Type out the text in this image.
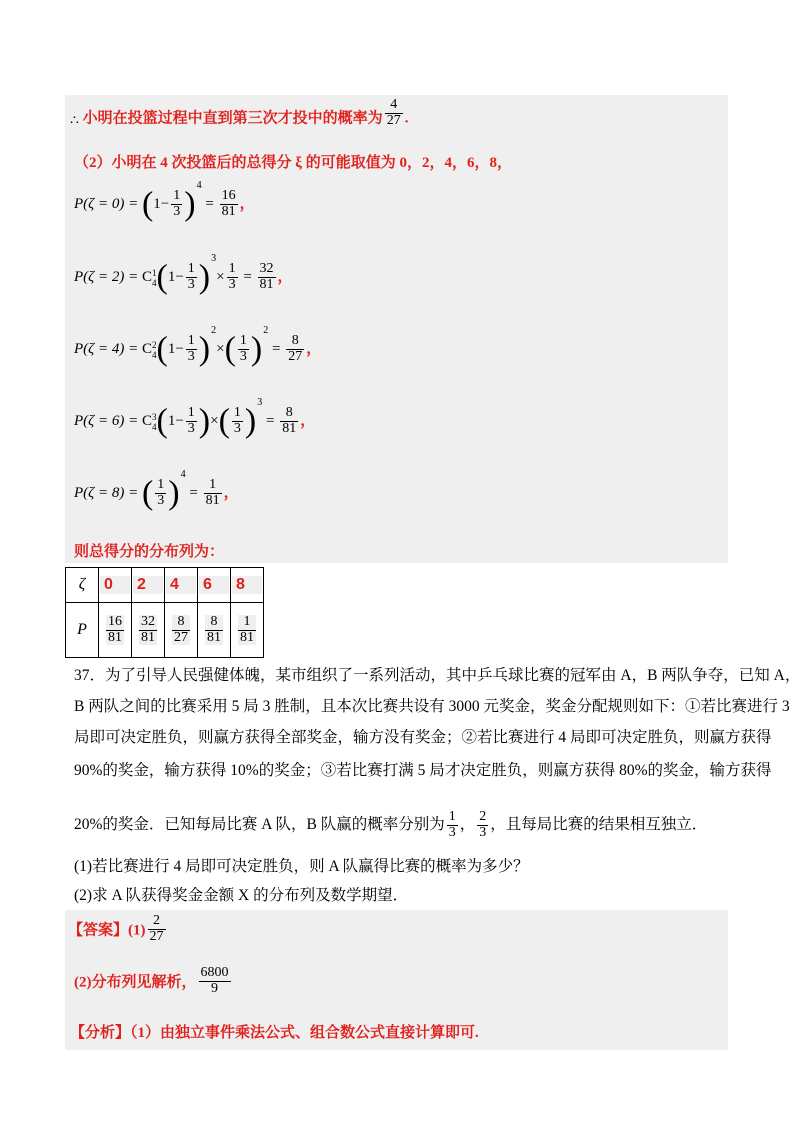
∴ 小明在投篮过程中直到第三次才投中的概率为 $\frac{4}{27}$ .
（2）小明在 4 次投篮后的总得分 ξ 的可能取值为 0，2，4，6，8，
$P(\zeta = 0) = (1- \frac{1}{3} )^4 = \frac{16}{81}$ ，
P(ζ = 2) = C 1
4 $(1- \frac{1}{3} )^3\times \frac{1}{3} = \frac{32}{81}$ ，
P(ζ = 4) = C 2
4 $(1- \frac{1}{3} )^2\times( \frac{1}{3} )^2 = \frac{8}{27}$ ，
P(ζ = 6) = C 3
4 ($1- \frac{1}{3}$ )×( $\frac{1}{3} )^3 = \frac{8}{81}$ ，
P(ζ = 8) = ( $\frac{1}{3} )^4 = \frac{1}{81}$ ，
则总得分的分布列为：
ζ	0	2	4	6	8
P	$\frac{16}{81}$	$\frac{32}{81}$	$\frac{8}{27}$	$\frac{8}{81}$	$\frac{1}{81}$
37．为了引导人民强健体魄，某市组织了一系列活动，其中乒乓球比赛的冠军由 A，B 两队争夺，已知 A，
B 两队之间的比赛采用 5 局 3 胜制，且本次比赛共设有 3000 元奖金，奖金分配规则如下：①若比赛进行 3
局即可决定胜负，则赢方获得全部奖金，输方没有奖金；②若比赛进行 4 局即可决定胜负，则赢方获得
90%的奖金，输方获得 10%的奖金；③若比赛打满 5 局才决定胜负，则赢方获得 80%的奖金，输方获得
20%的奖金．已知每局比赛 A 队，B 队赢的概率分别为 $\frac{1}{3}$ ， $\frac{2}{3}$ ，且每局比赛的结果相互独立．
(1)若比赛进行 4 局即可决定胜负，则 A 队赢得比赛的概率为多少？
(2)求 A 队获得奖金金额 X 的分布列及数学期望．
【答案】$(1) \frac{2}{27}$
(2)分布列见解析， $\frac{6800}{9}$
【分析】（1）由独立事件乘法公式、组合数公式直接计算即可.
